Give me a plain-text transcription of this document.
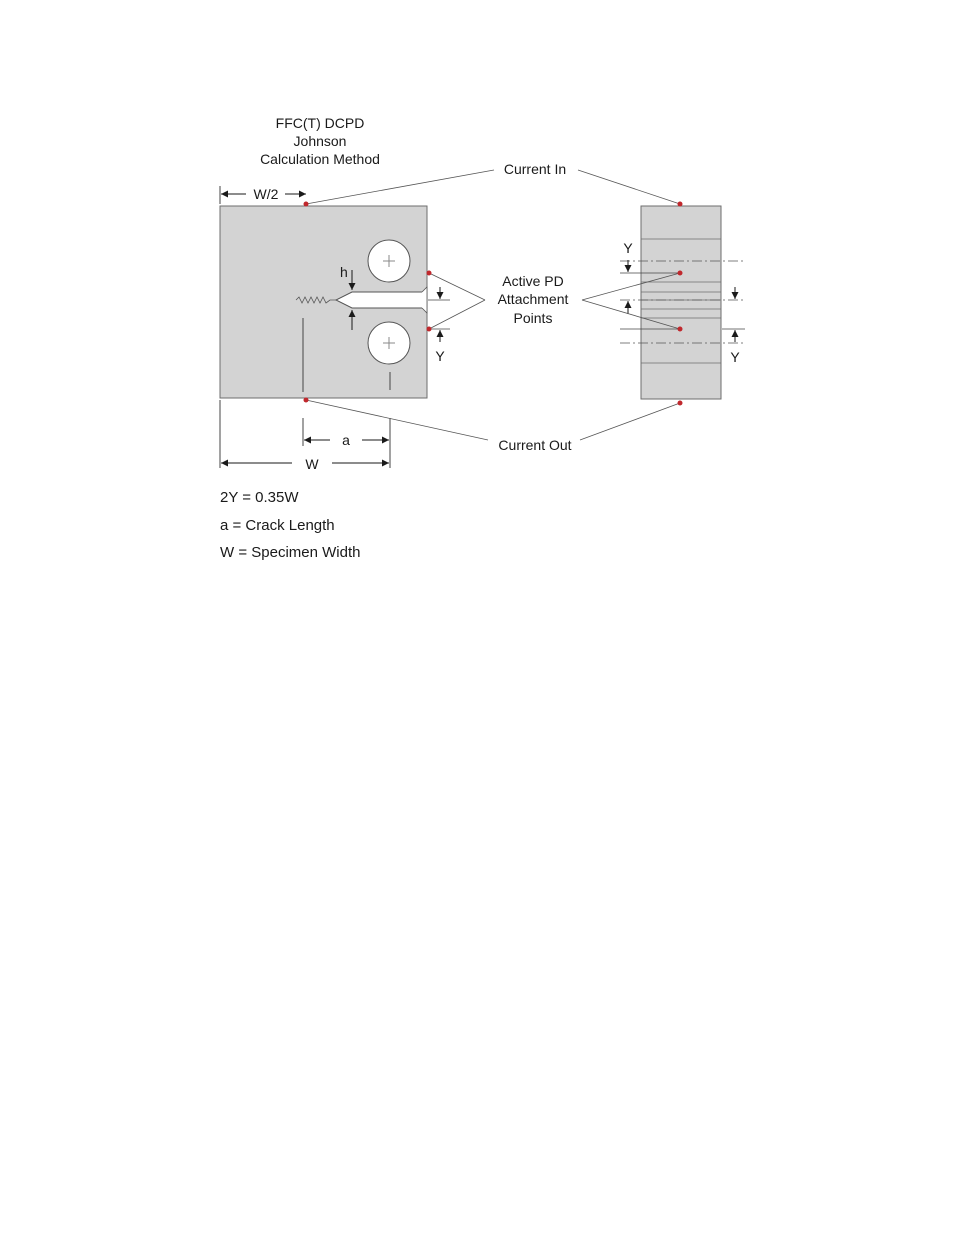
FFC(T) DCPD
Johnson
Calculation Method
h
W/2
a
W
Y
Y
Y
Current In
Current Out
Active PD
Attachment
Points
2Y = 0.35W
a = Crack Length
W = Specimen Width
